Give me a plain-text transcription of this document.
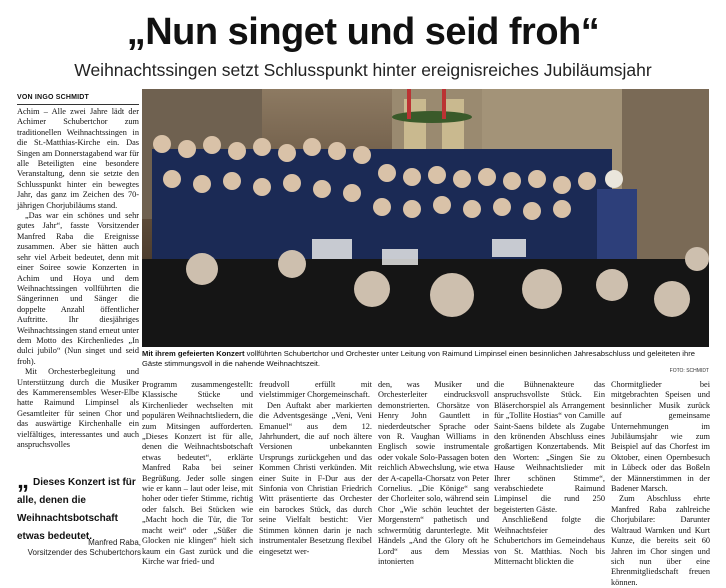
„Nun singet und seid froh“
Weihnachtssingen setzt Schlusspunkt hinter ereignisreiches Jubiläumsjahr
VON INGO SCHMIDT

Achim – Alle zwei Jahre lädt der Achimer Schubertchor zum traditionellen Weihnachtssingen in die St.-Matthias-Kirche ein. Das Singen am Donnerstagabend war für alle Beteiligten eine besondere Veranstaltung, denn sie setzte den Schlusspunkt hinter ein bewegtes Jahr, das ganz im Zeichen des 70-jährigen Chorjubiläums stand.

„Das war ein schönes und sehr gutes Jahr“, fasste Vorsitzender Manfred Raba die Ereignisse zusammen. Aber sie hätten auch sehr viel Arbeit bedeutet, denn mit einer Soiree sowie Konzerten in Achim und Hoya und dem Weihnachtssingen vollführten die Sängerinnen und Sänger die doppelte Anzahl öffentlicher Auftritte. Ihr diesjähriges Weihnachtssingen stand erneut unter dem Motto des Kirchenliedes „In dulci jubilo“ (Nun singet und seid froh).

Mit Orchesterbegleitung und Unterstützung durch die Musiker des Kammerensembles Weser-Elbe hatte Raimund Limpinsel als Gesamtleiter für seinen Chor und das auswärtige Kirchenhalle ein vielfältiges, interessantes und auch anspruchsvolles

Mit ihrem gefeierten Konzert vollführten Schubertchor und Orchester unter Leitung von Raimund Limpinsel einen besinnlichen Jahresabschluss und geleiteten ihre Gäste stimmungsvoll in die nahende Weihnachtszeit.
FOTO: SCHMIDT
„ Dieses Konzert ist für alle, denen die Weihnachtsbotschaft etwas bedeutet.
Manfred Raba,
Vorsitzender des Schubertchors

Programm zusammengestellt: Klassische Stücke und Kirchenlieder wechselten mit populären Weihnachtsliedern, die zum Mitsingen aufforderten. „Dieses Konzert ist für alle, denen die Weihnachtsbotschaft etwas bedeutet“, erklärte Manfred Raba bei seiner Begrüßung. Jeder solle singen wie er kann – laut oder leise, mit hoher oder tiefer Stimme, richtig oder falsch. Bei Stücken wie „Macht hoch die Tür, die Tor macht weit“ oder „Süßer die Glocken nie klingen“ hielt sich kaum ein Gast zurück und die Kirche war fried- und

freudvoll erfüllt mit vielstimmiger Chorgemeinschaft.

Den Auftakt aber markierten die Adventsgesänge „Veni, Veni Emanuel“ aus dem 12. Jahrhundert, die auf noch ältere Versionen unbekannten Ursprungs zurückgehen und das Kommen Christi verkünden. Mit einer Suite in F-Dur aus der Sinfonia von Christian Friedrich Witt präsentierte das Orchester ein barockes Stück, das durch seine Vielfalt besticht: Vier Stimmen können darin je nach instrumentaler Besetzung flexibel eingesetzt wer-

den, was Musiker und Orchesterleiter eindrucksvoll demonstrierten. Chorsätze von Henry John Gauntlett in niederdeutscher Sprache oder von R. Vaughan Williams in Englisch sowie instrumentale oder vokale Solo-Passagen boten reichlich Abwechslung, wie etwa der A-capella-Chorsatz von Peter Cornelius. „Die Könige“ sang der Chorleiter solo, während sein Chor „Wie schön leuchtet der Morgenstern“ pathetisch und schwermütig darunterlegte. Mit Händels „And the Glory oft he Lord“ aus dem Messias intonierten

die Bühnenakteure das anspruchsvollste Stück. Ein Bläserchorspiel als Arrangement für „Tollite Hostias“ von Camille Saint-Saens bildete als Zugabe den krönenden Abschluss eines großartigen Konzertabends. Mit den Worten: „Singen Sie zu Hause Weihnachtslieder mit Ihrer schönen Stimme“, verabschiedete Raimund Limpinsel die rund 250 begeisterten Gäste.

Anschließend folgte die Weihnachtsfeier des Schubertchors im Gemeindehaus von St. Matthias. Noch bis Mitternacht blickten die

Chormitglieder bei mitgebrachten Speisen und besinnlicher Musik zurück auf gemeinsame Unternehmungen im Jubiläumsjahr wie zum Beispiel auf das Chorfest im Oktober, einen Opernbesuch in Lübeck oder das Boßeln der Männerstimmen in der Badener Marsch.

Zum Abschluss ehrte Manfred Raba zahlreiche Chorjubilare: Darunter Waltraud Warnken und Kurt Kunze, die bereits seit 60 Jahren im Chor singen und sich nun über eine Ehrenmitgliedschaft freuen können.
